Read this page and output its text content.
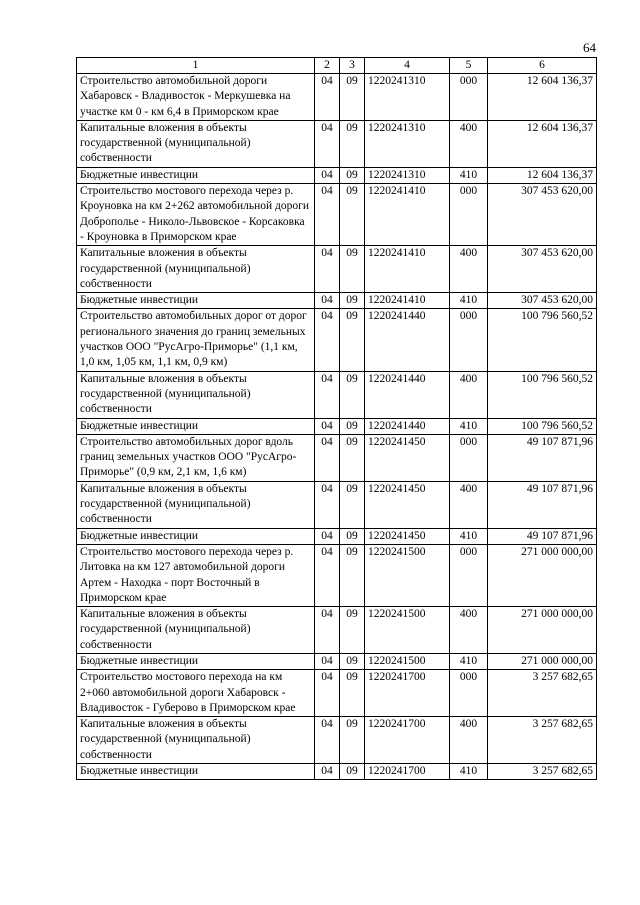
64
1	2	3	4	5	6
Строительство автомобильной дороги Хабаровск - Владивосток - Меркушевка на участке км 0 - км 6,4 в Приморском крае	04	09	1220241310	000	12 604 136,37
Капитальные вложения в объекты государственной (муниципальной) собственности	04	09	1220241310	400	12 604 136,37
Бюджетные инвестиции	04	09	1220241310	410	12 604 136,37
Строительство мостового перехода через р. Кроуновка на км 2+262 автомобильной дороги Доброполье - Николо-Львовское - Корсаковка - Кроуновка в Приморском крае	04	09	1220241410	000	307 453 620,00
Капитальные вложения в объекты государственной (муниципальной) собственности	04	09	1220241410	400	307 453 620,00
Бюджетные инвестиции	04	09	1220241410	410	307 453 620,00
Строительство автомобильных дорог от дорог регионального значения до границ земельных участков ООО "РусАгро-Приморье" (1,1 км, 1,0 км, 1,05 км, 1,1 км, 0,9 км)	04	09	1220241440	000	100 796 560,52
Капитальные вложения в объекты государственной (муниципальной) собственности	04	09	1220241440	400	100 796 560,52
Бюджетные инвестиции	04	09	1220241440	410	100 796 560,52
Строительство автомобильных дорог вдоль границ земельных участков ООО "РусАгро-Приморье" (0,9 км, 2,1 км, 1,6 км)	04	09	1220241450	000	49 107 871,96
Капитальные вложения в объекты государственной (муниципальной) собственности	04	09	1220241450	400	49 107 871,96
Бюджетные инвестиции	04	09	1220241450	410	49 107 871,96
Строительство мостового перехода через р. Литовка на км 127 автомобильной дороги Артем - Находка - порт Восточный в Приморском крае	04	09	1220241500	000	271 000 000,00
Капитальные вложения в объекты государственной (муниципальной) собственности	04	09	1220241500	400	271 000 000,00
Бюджетные инвестиции	04	09	1220241500	410	271 000 000,00
Строительство мостового перехода на км 2+060 автомобильной дороги Хабаровск - Владивосток - Губерово в Приморском крае	04	09	1220241700	000	3 257 682,65
Капитальные вложения в объекты государственной (муниципальной) собственности	04	09	1220241700	400	3 257 682,65
Бюджетные инвестиции	04	09	1220241700	410	3 257 682,65
